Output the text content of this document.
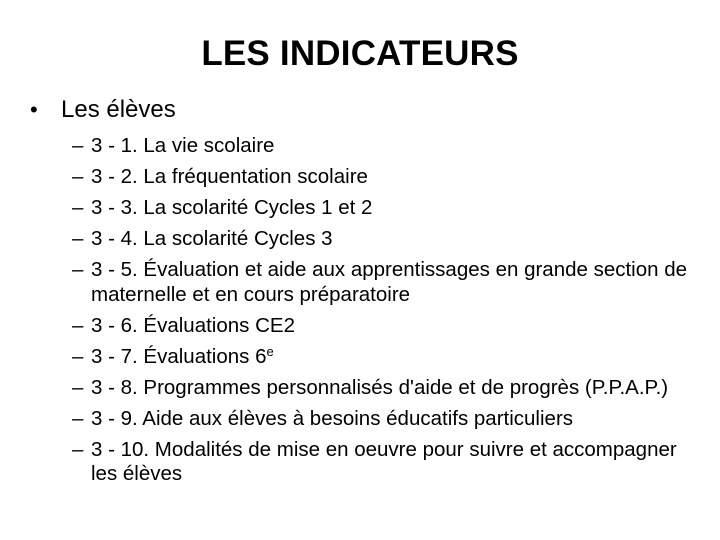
LES INDICATEURS
• Les élèves
– 3 - 1. La vie scolaire
– 3 - 2. La fréquentation scolaire
– 3 - 3. La scolarité Cycles 1 et 2
– 3 - 4. La scolarité Cycles 3
– 3 - 5. Évaluation et aide aux apprentissages en grande section de maternelle et en cours préparatoire
– 3 - 6. Évaluations CE2
– 3 - 7. Évaluations 6e
– 3 - 8. Programmes personnalisés d'aide et de progrès (P.P.A.P.)
– 3 - 9. Aide aux élèves à besoins éducatifs particuliers
– 3 - 10. Modalités de mise en oeuvre pour suivre et accompagner les élèves
